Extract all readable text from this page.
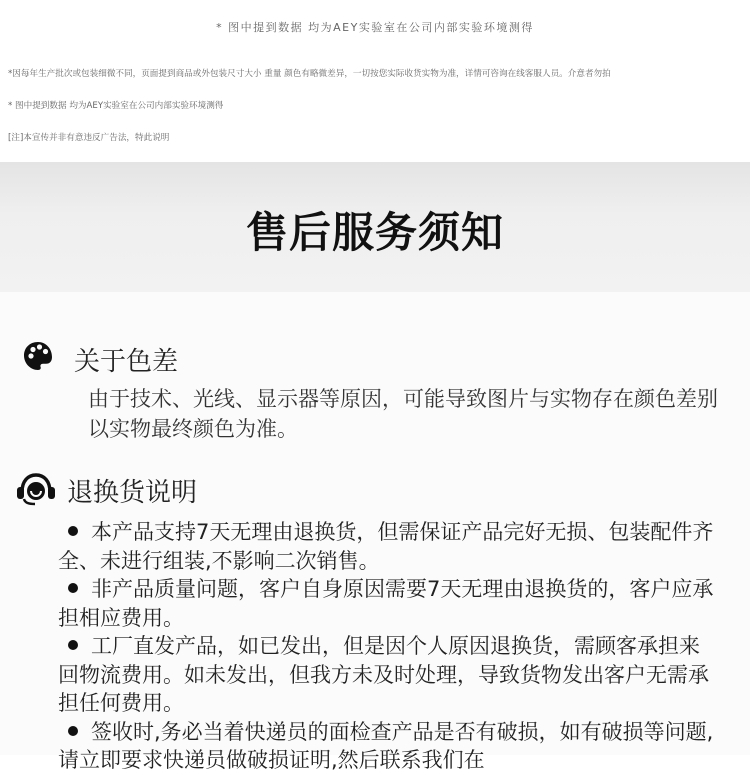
* 图中提到数据 均为AEY实验室在公司内部实验环境测得
*因每年生产批次或包装细微不同，页面提到商品或外包装尺寸大小 重量 颜色有略微差异，一切按您实际收货实物为准，详情可咨询在线客服人员。介意者勿拍
* 图中提到数据 均为AEY实验室在公司内部实验环境测得
[注]本宣传并非有意违反广告法，特此说明
售后服务须知
关于色差
由于技术、光线、显示器等原因，可能导致图片与实物存在颜色差别以实物最终颜色为准。
退换货说明
本产品支持7天无理由退换货，但需保证产品完好无损、包装配件齐全、未进行组装,不影响二次销售。
非产品质量问题，客户自身原因需要7天无理由退换货的，客户应承担相应费用。
工厂直发产品，如已发出，但是因个人原因退换货，需顾客承担来回物流费用。如未发出，但我方未及时处理，导致货物发出客户无需承担任何费用。
签收时,务必当着快递员的面检查产品是否有破损，如有破损等问题,请立即要求快递员做破损证明,然后联系我们在
